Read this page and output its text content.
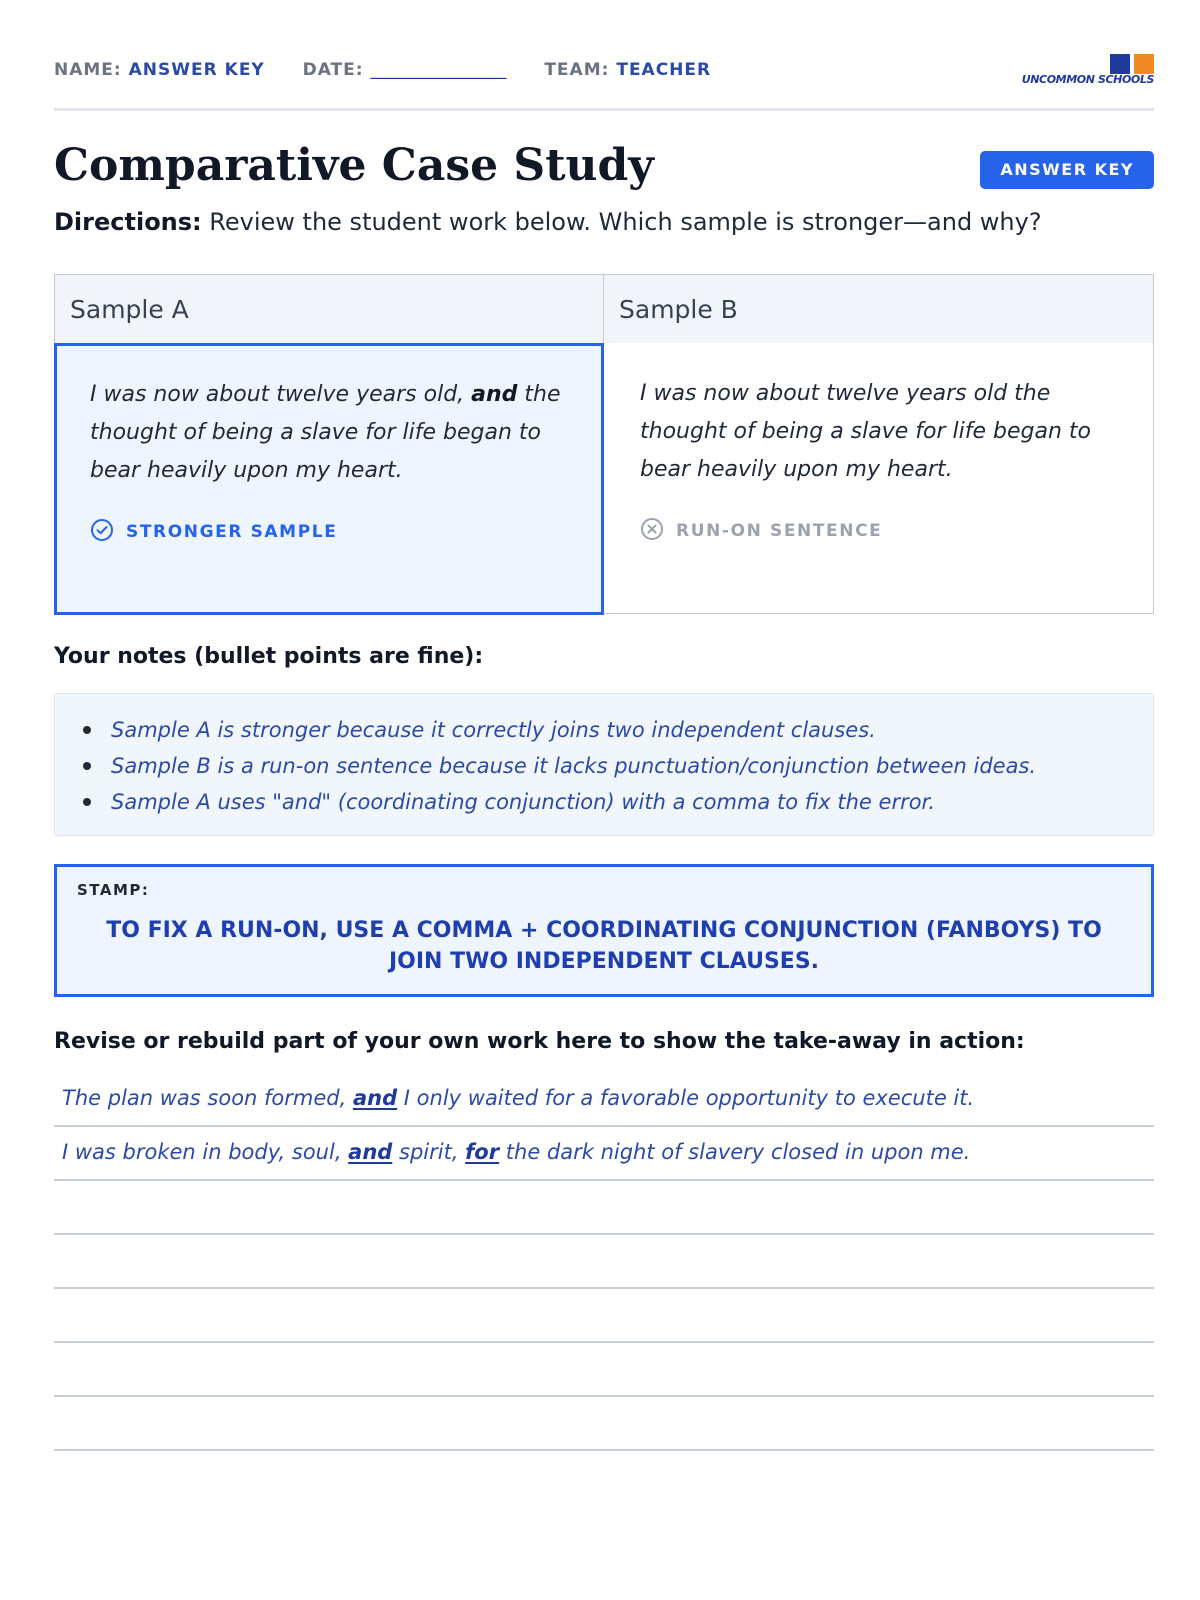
NAME: ANSWER KEY DATE: ________________ TEAM: TEACHER	UNCOMMON SCHOOLS
Comparative Case Study	ANSWER KEY
Directions: Review the student work below. Which sample is stronger—and why?
Sample A
I was now about twelve years old, and the thought of being a slave for life began to bear heavily upon my heart.
STRONGER SAMPLE
Sample B
I was now about twelve years old the thought of being a slave for life began to bear heavily upon my heart.
RUN-ON SENTENCE
Your notes (bullet points are fine):
Sample A is stronger because it correctly joins two independent clauses.
Sample B is a run-on sentence because it lacks punctuation/conjunction between ideas.
Sample A uses "and" (coordinating conjunction) with a comma to fix the error.
STAMP:
TO FIX A RUN-ON, USE A COMMA + COORDINATING CONJUNCTION (FANBOYS) TO JOIN TWO INDEPENDENT CLAUSES.
Revise or rebuild part of your own work here to show the take-away in action:
The plan was soon formed, and I only waited for a favorable opportunity to execute it.
I was broken in body, soul, and spirit, for the dark night of slavery closed in upon me.
